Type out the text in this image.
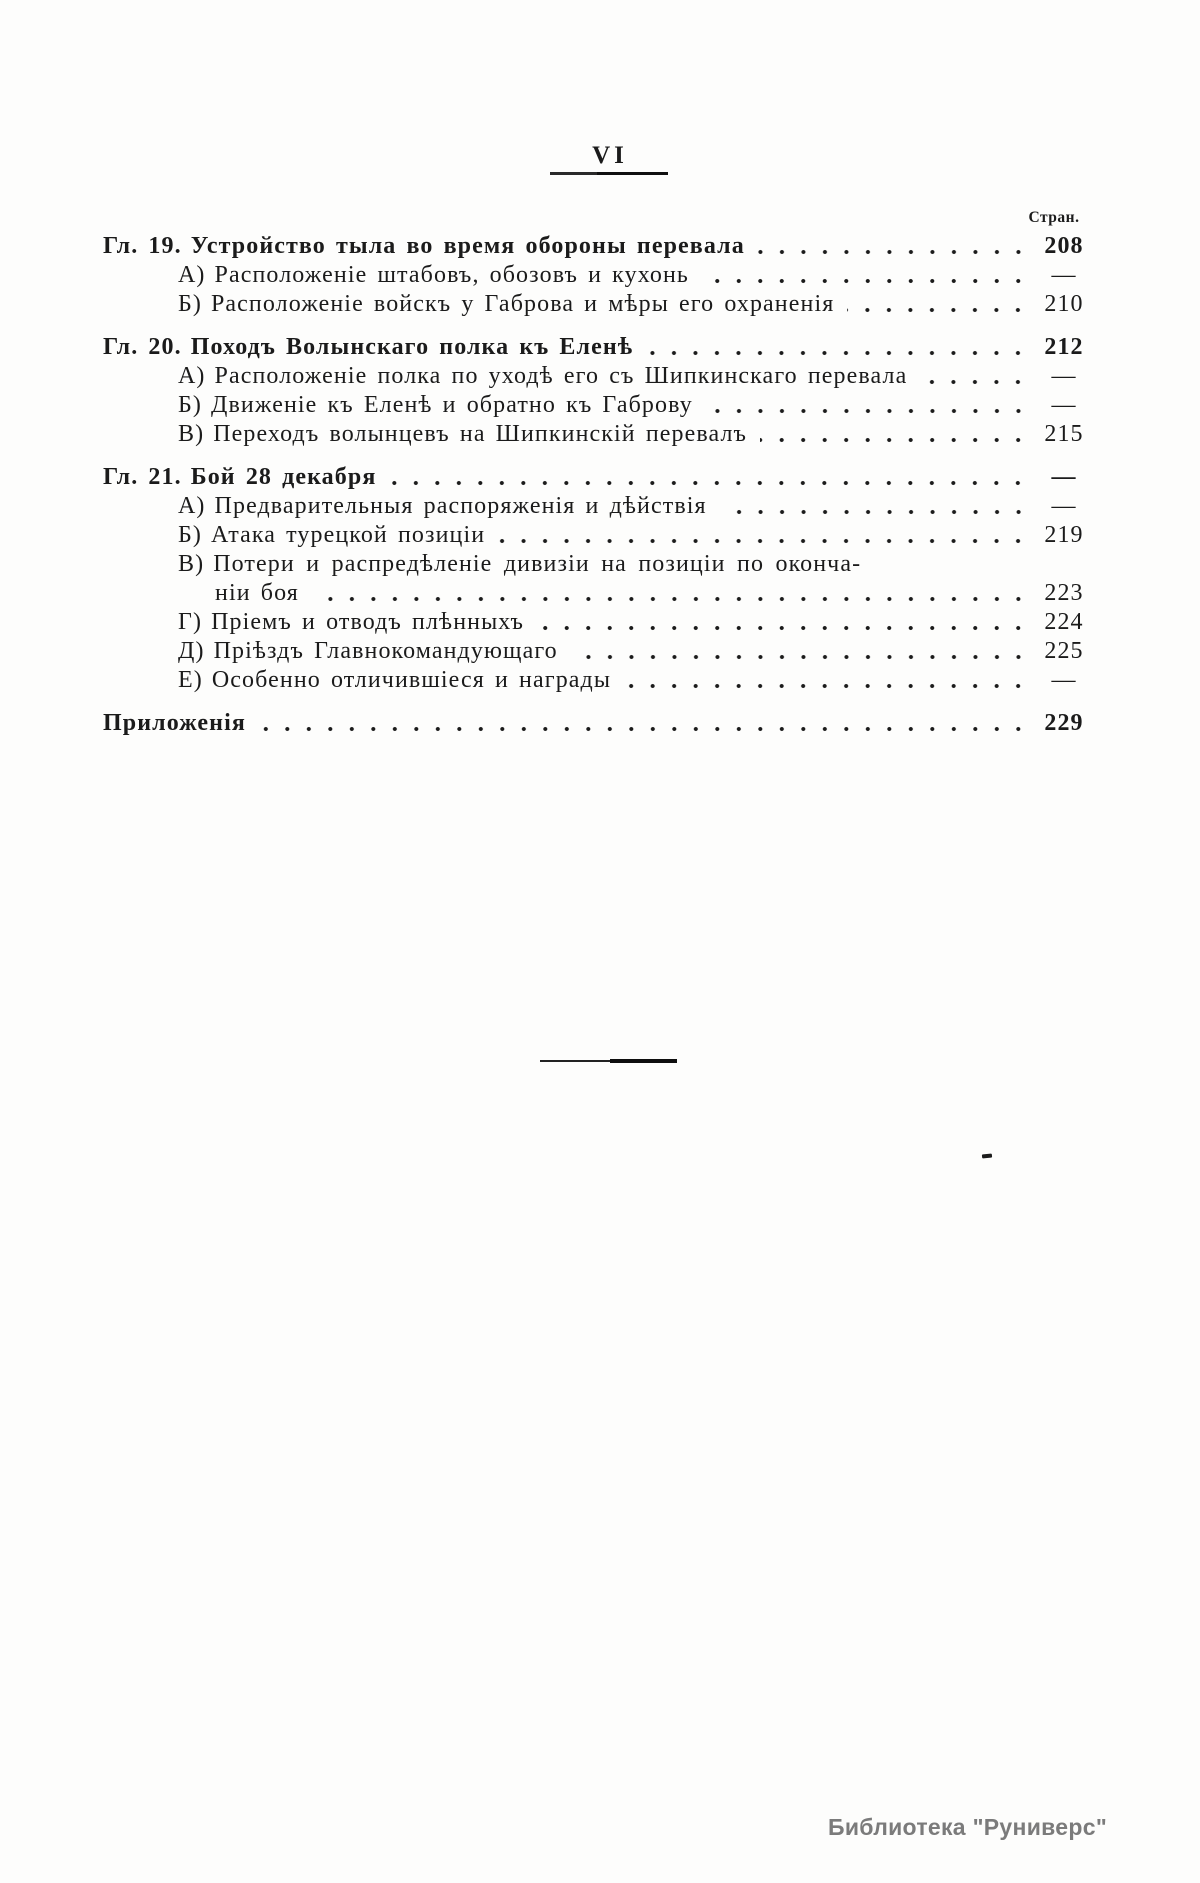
VI
Стран.
Гл. 19. Устройство тыла во время обороны перевала	208
А) Расположеніе штабовъ, обозовъ и кухонь	—
Б) Расположеніе войскъ у Габрова и мѣры его охраненія	210
Гл. 20. Походъ Волынскаго полка къ Еленѣ	212
А) Расположеніе полка по уходѣ его съ Шипкинскаго перевала	—
Б) Движеніе къ Еленѣ и обратно къ Габрову	—
В) Переходъ волынцевъ на Шипкинскій перевалъ	215
Гл. 21. Бой 28 декабря	—
А) Предварительныя распоряженія и дѣйствія	—
Б) Атака турецкой позиціи	219
В) Потери и распредѣленіе дивизіи на позиціи по оконча-
ніи боя	223
Г) Пріемъ и отводъ плѣнныхъ	224
Д) Пріѣздъ Главнокомандующаго	225
Е) Особенно отличившіеся и награды	—
Приложенія	229
Библиотека "Руниверс"
